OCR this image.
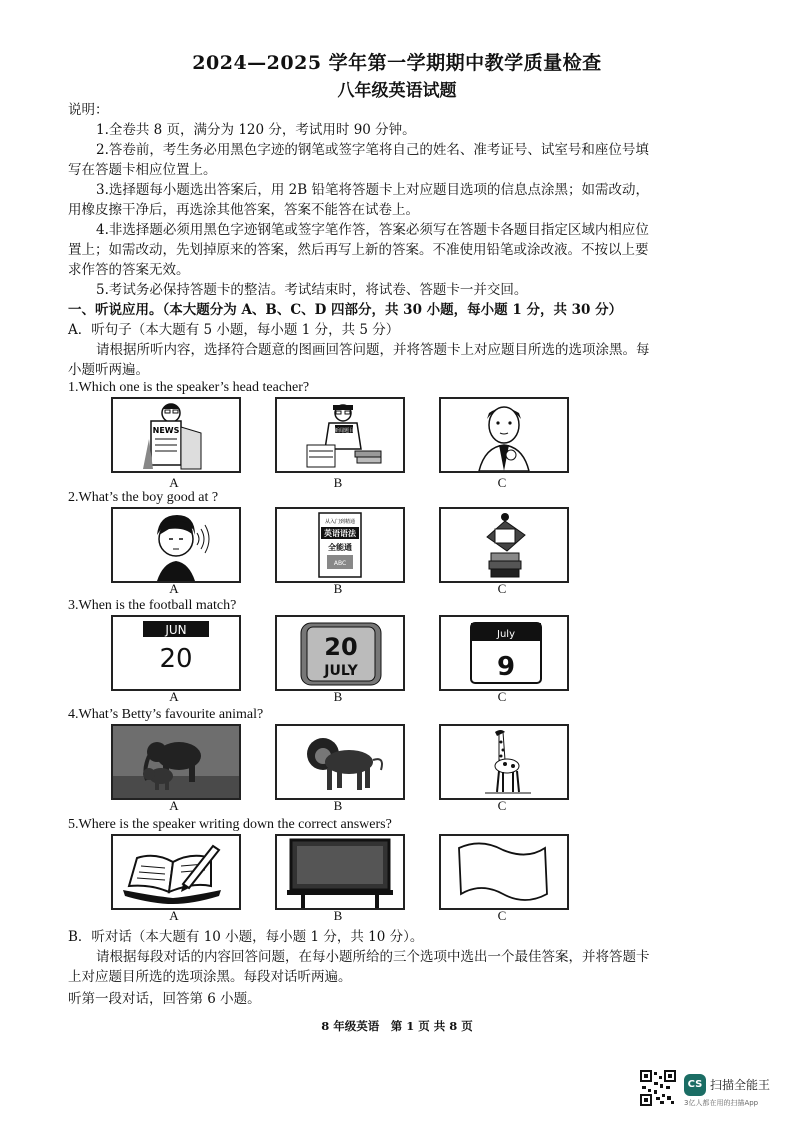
2024—2025 学年第一学期期中教学质量检查
八年级英语试题
说明：
1.全卷共 8 页，满分为 120 分，考试用时 90 分钟。
2.答卷前，考生务必用黑色字迹的钢笔或签字笔将自己的姓名、准考证号、试室号和座位号填
写在答题卡相应位置上。
3.选择题每小题选出答案后，用 2B 铅笔将答题卡上对应题目选项的信息点涂黑；如需改动，
用橡皮擦干净后，再选涂其他答案，答案不能答在试卷上。
4.非选择题必须用黑色字迹钢笔或签字笔作答，答案必须写在答题卡各题目指定区域内相应位
置上；如需改动，先划掉原来的答案，然后再写上新的答案。不准使用铅笔或涂改液。不按以上要
求作答的答案无效。
5.考试务必保持答题卡的整洁。考试结束时，将试卷、答题卡一并交回。
一、听说应用。（本大题分为 A、B、C、D 四部分，共 30 小题，每小题 1 分，共 30 分）
A．听句子（本大题有 5 小题，每小题 1 分，共 5 分）
请根据所听内容，选择符合题意的图画回答问题，并将答题卡上对应题目所选的选项涂黑。每
小题听两遍。
1.Which one is the speaker’s head teacher?
NEWS
A
新闻题目
B	C
2.What’s the boy good at ?
A
从入门到精通
英语语法
全能通
ABC
B	C
3.When is the football match?
JUN
20
A
20
JULY
B
July
9
C
4.What’s Betty’s favourite animal?
A	B	C
5.Where is the speaker writing down the correct answers?
A	B	C
B．听对话（本大题有 10 小题，每小题 1 分，共 10 分）。
请根据每段对话的内容回答问题，在每小题所给的三个选项中选出一个最佳答案，并将答题卡
上对应题目所选的选项涂黑。每段对话听两遍。
听第一段对话，回答第 6 小题。
8 年级英语　第 1 页 共 8 页
CS 扫描全能王
3亿人都在用的扫描App
